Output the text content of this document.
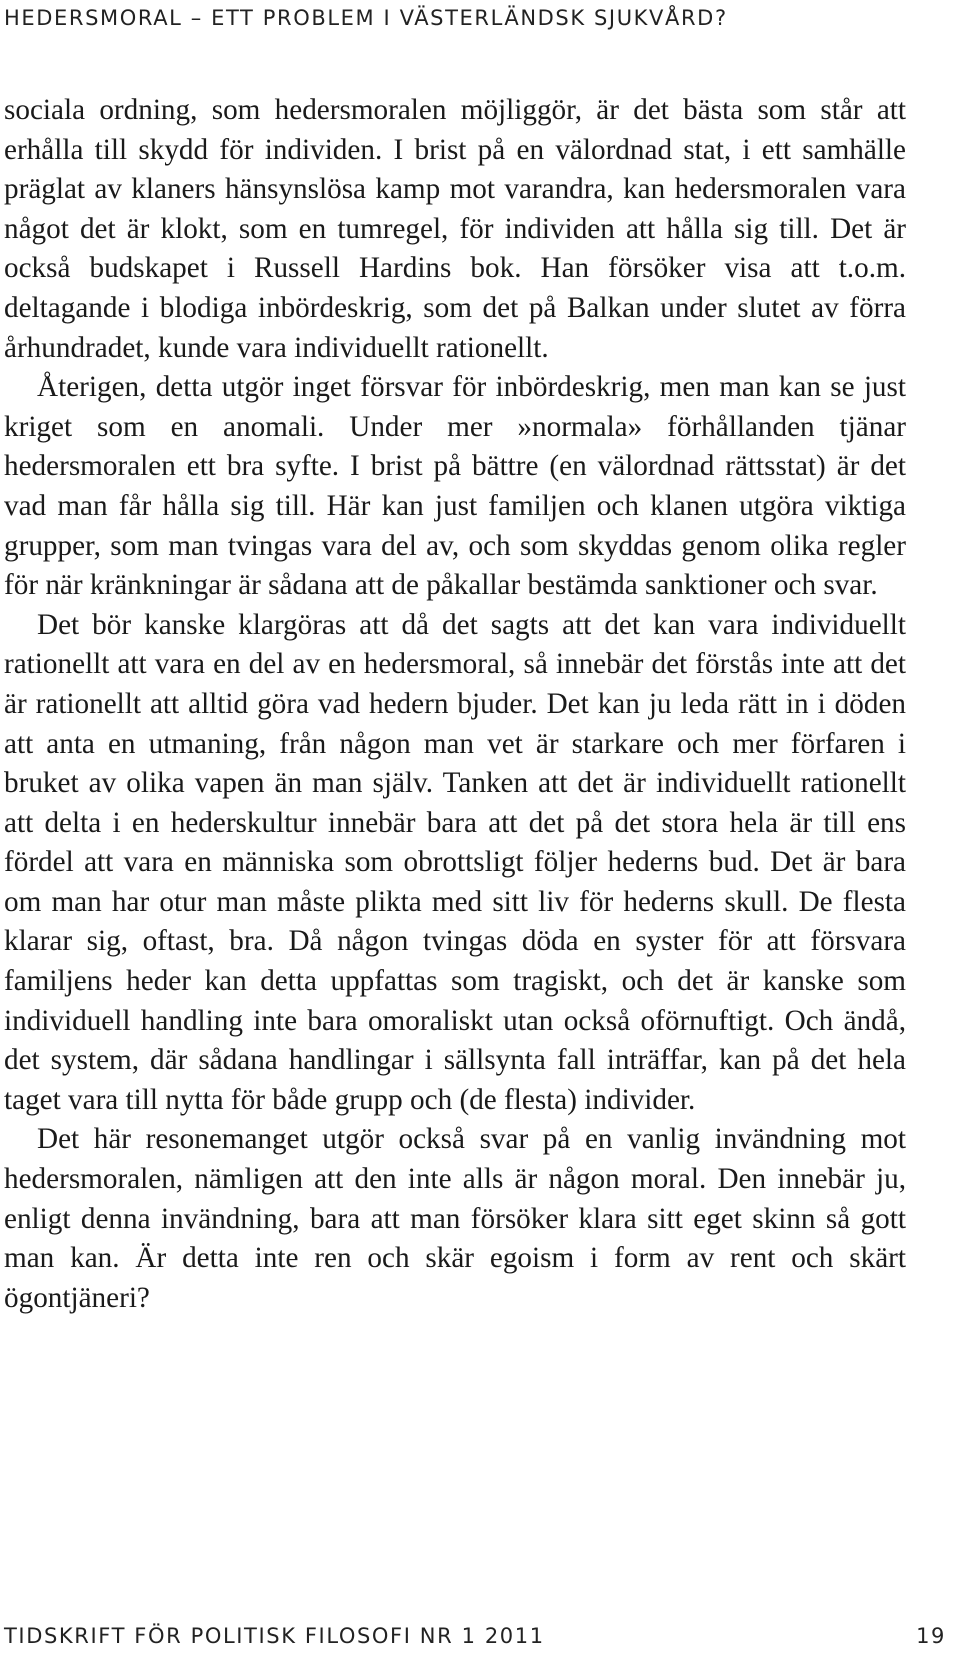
HEDERSMORAL – ETT PROBLEM I VÄSTERLÄNDSK SJUKVÅRD?

sociala ordning, som hedersmoralen möjliggör, är det bästa som står att erhålla till skydd för individen. I brist på en välordnad stat, i ett samhälle präglat av klaners hänsynslösa kamp mot varandra, kan hedersmoralen vara något det är klokt, som en tumregel, för individen att hålla sig till. Det är också budskapet i Russell Hardins bok. Han försöker visa att t.o.m. deltagande i blodiga inbördeskrig, som det på Balkan under slutet av förra århundradet, kunde vara individuellt rationellt.

Återigen, detta utgör inget försvar för inbördeskrig, men man kan se just kriget som en anomali. Under mer »normala» förhållanden tjänar hedersmoralen ett bra syfte. I brist på bättre (en välordnad rättsstat) är det vad man får hålla sig till. Här kan just familjen och klanen utgöra viktiga grupper, som man tvingas vara del av, och som skyddas genom olika regler för när kränkningar är sådana att de påkallar bestämda sanktioner och svar.

Det bör kanske klargöras att då det sagts att det kan vara individuellt rationellt att vara en del av en hedersmoral, så innebär det förstås inte att det är rationellt att alltid göra vad hedern bjuder. Det kan ju leda rätt in i döden att anta en utmaning, från någon man vet är starkare och mer förfaren i bruket av olika vapen än man själv. Tanken att det är individuellt rationellt att delta i en hederskultur innebär bara att det på det stora hela är till ens fördel att vara en människa som obrottsligt följer hederns bud. Det är bara om man har otur man måste plikta med sitt liv för hederns skull. De flesta klarar sig, oftast, bra. Då någon tvingas döda en syster för att försvara familjens heder kan detta uppfattas som tragiskt, och det är kanske som individuell handling inte bara omoraliskt utan också oförnuftigt. Och ändå, det system, där sådana handlingar i sällsynta fall inträffar, kan på det hela taget vara till nytta för både grupp och (de flesta) individer.

Det här resonemanget utgör också svar på en vanlig invändning mot hedersmoralen, nämligen att den inte alls är någon moral. Den innebär ju, enligt denna invändning, bara att man försöker klara sitt eget skinn så gott man kan. Är detta inte ren och skär egoism i form av rent och skärt ögontjäneri?

TIDSKRIFT FÖR POLITISK FILOSOFI NR 1 2011	19
